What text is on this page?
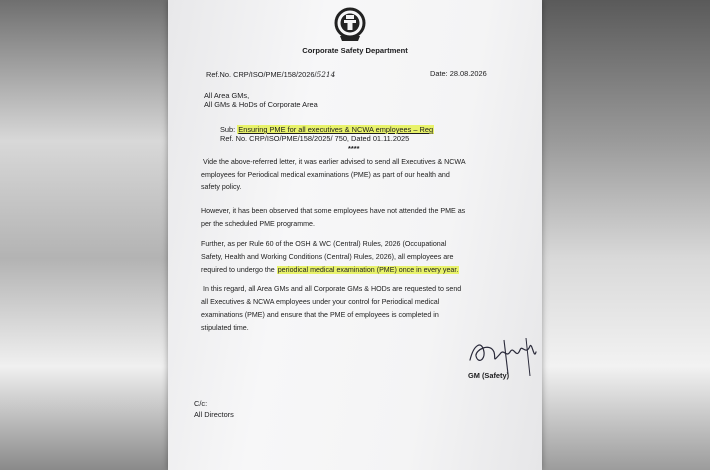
Corporate Safety Department
Ref.No. CRP/ISO/PME/158/2026/5214	Date: 28.08.2026
All Area GMs,
All GMs & HoDs of Corporate Area
Sub: Ensuring PME for all executives & NCWA employees – Reg
Ref. No. CRP/ISO/PME/158/2025/ 750, Dated 01.11.2025
****
Vide the above-referred letter, it was earlier advised to send all Executives & NCWA
employees for Periodical medical examinations (PME) as part of our health and
safety policy.
However, it has been observed that some employees have not attended the PME as
per the scheduled PME programme.
Further, as per Rule 60 of the OSH & WC (Central) Rules, 2026 (Occupational
Safety, Health and Working Conditions (Central) Rules, 2026), all employees are
required to undergo the periodical medical examination (PME) once in every year.
In this regard, all Area GMs and all Corporate GMs & HODs are requested to send
all Executives & NCWA employees under your control for Periodical medical
examinations (PME) and ensure that the PME of employees is completed in
stipulated time.
GM (Safety)
C/c:
All Directors
